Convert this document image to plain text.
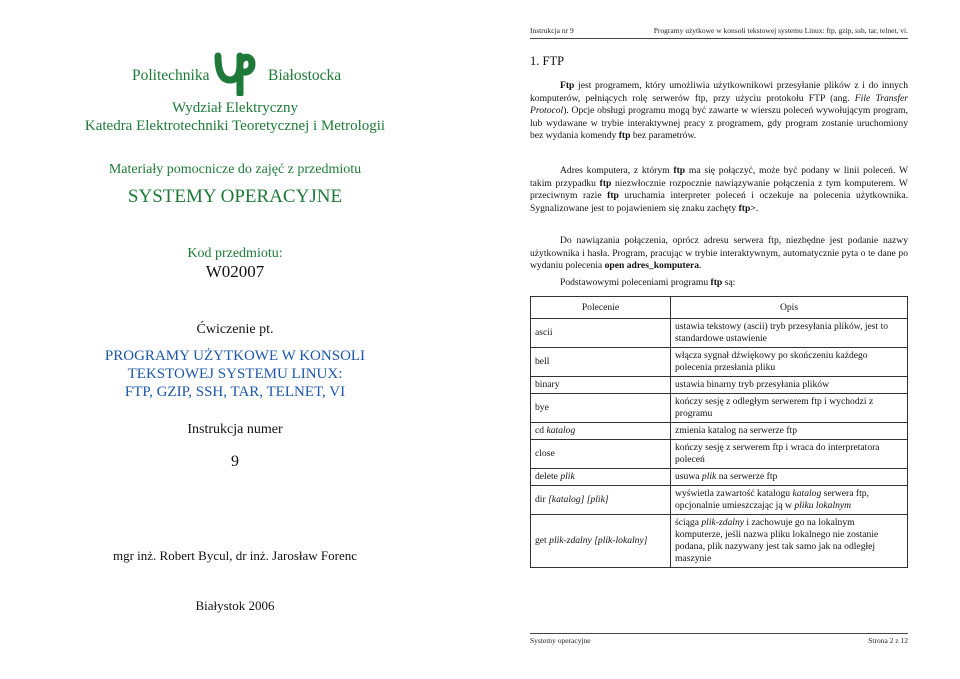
Politechnika	Białostocka

Wydział Elektryczny

Katedra Elektrotechniki Teoretycznej i Metrologii

Materiały pomocnicze do zajęć z przedmiotu

SYSTEMY OPERACYJNE

Kod przedmiotu:

W02007

Ćwiczenie pt.

PROGRAMY UŻYTKOWE W KONSOLI

TEKSTOWEJ SYSTEMU LINUX:

FTP, GZIP, SSH, TAR, TELNET, VI

Instrukcja numer

9

mgr inż. Robert Bycul, dr inż. Jarosław Forenc

Białystok 2006

Instrukcja nr 9	Programy użytkowe w konsoli tekstowej systemu Linux: ftp, gzip, ssh, tar, telnet, vi.
1. FTP

Ftp jest programem, który umożliwia użytkownikowi przesyłanie plików z i do innych komputerów, pełniących rolę serwerów ftp, przy użyciu protokołu FTP (ang. File Transfer Protocol). Opcje obsługi programu mogą być zawarte w wierszu poleceń wywołującym program, lub wydawane w trybie interaktywnej pracy z programem, gdy program zostanie uruchomiony bez wydania komendy ftp bez parametrów.

Adres komputera, z którym ftp ma się połączyć, może być podany w linii poleceń. W takim przypadku ftp niezwłocznie rozpocznie nawiązywanie połączenia z tym komputerem. W przeciwnym razie ftp uruchamia interpreter poleceń i oczekuje na polecenia użytkownika. Sygnalizowane jest to pojawieniem się znaku zachęty ftp>.

Do nawiązania połączenia, oprócz adresu serwera ftp, niezbędne jest podanie nazwy użytkownika i hasła. Program, pracując w trybie interaktywnym, automatycznie pyta o te dane po wydaniu polecenia open adres_komputera.

Podstawowymi poleceniami programu ftp są:

Polecenie	Opis
ascii	ustawia tekstowy (ascii) tryb przesyłania plików, jest to standardowe ustawienie
bell	włącza sygnał dźwiękowy po skończeniu każdego polecenia przesłania pliku
binary	ustawia binarny tryb przesyłania plików
bye	kończy sesję z odległym serwerem ftp i wychodzi z programu
cd katalog	zmienia katalog na serwerze ftp
close	kończy sesję z serwerem ftp i wraca do interpretatora poleceń
delete plik	usuwa plik na serwerze ftp
dir [katalog] [plik]	wyświetla zawartość katalogu katalog serwera ftp, opcjonalnie umieszczając ją w pliku lokalnym
get plik-zdalny [plik-lokalny]	ściąga plik-zdalny i zachowuje go na lokalnym komputerze, jeśli nazwa pliku lokalnego nie zostanie podana, plik nazywany jest tak samo jak na odległej maszynie
Systemy operacyjne	Strona 2 z 12
